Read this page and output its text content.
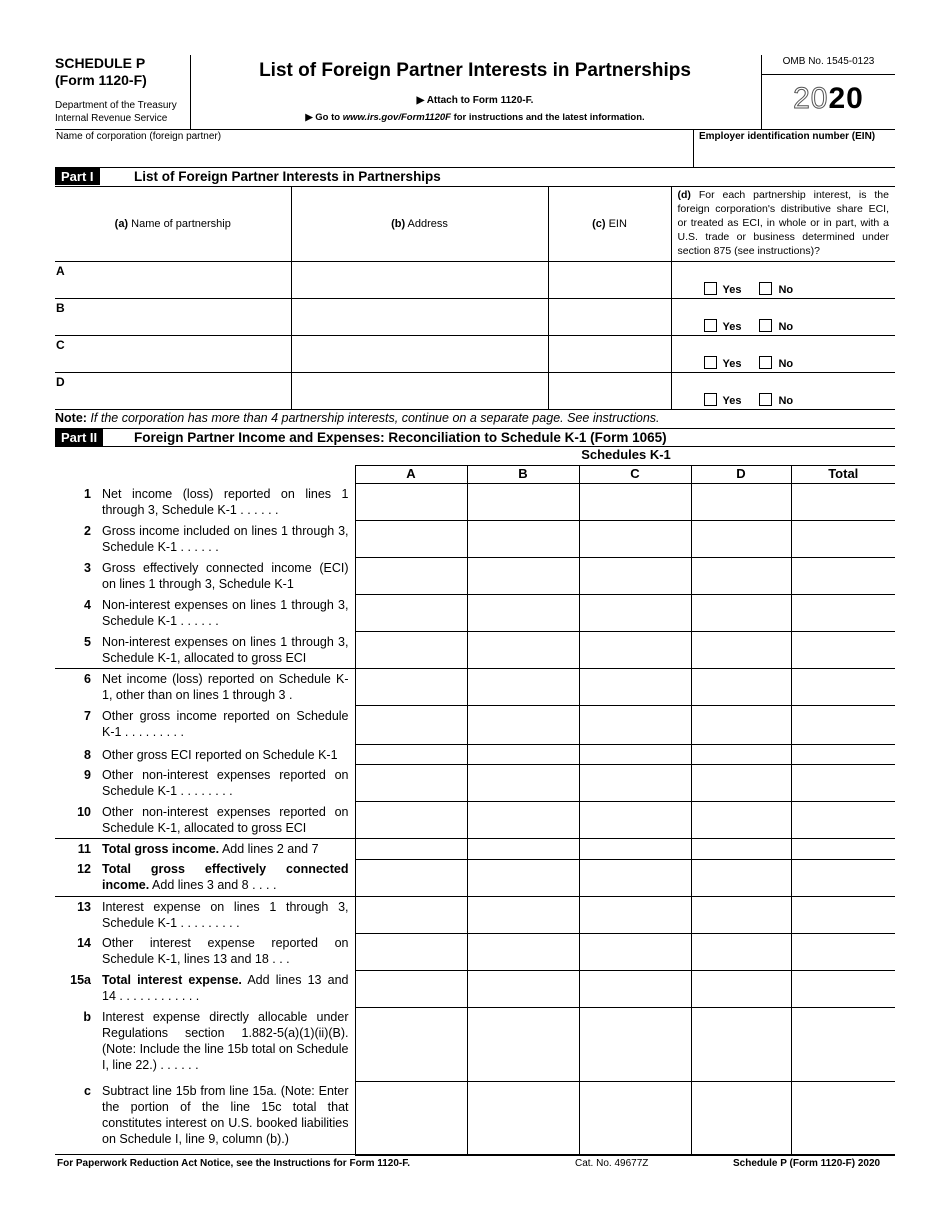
SCHEDULE P
(Form 1120-F)
Department of the Treasury
Internal Revenue Service
List of Foreign Partner Interests in Partnerships
▶ Attach to Form 1120-F.
▶ Go to www.irs.gov/Form1120F for instructions and the latest information.
OMB No. 1545-0123
2020
Name of corporation (foreign partner)	Employer identification number (EIN)
Part I	List of Foreign Partner Interests in Partnerships
(a) Name of partnership	(b) Address	(c) EIN	(d) For each partnership interest, is the foreign corporation's distributive share ECI, or treated as ECI, in whole or in part, with a U.S. trade or business determined under section 875 (see instructions)?
A			Yes No
B			Yes No
C			Yes No
D			Yes No
Note: If the corporation has more than 4 partnership interests, continue on a separate page. See instructions.
Part II	Foreign Partner Income and Expenses: Reconciliation to Schedule K-1 (Form 1065)
Schedules K-1
		A	B	C	D	Total
1	Net income (loss) reported on lines 1 through 3, Schedule K-1 . . . . . .					
2	Gross income included on lines 1 through 3, Schedule K-1 . . . . . .					
3	Gross effectively connected income (ECI) on lines 1 through 3, Schedule K-1					
4	Non-interest expenses on lines 1 through 3, Schedule K-1 . . . . . .					
5	Non-interest expenses on lines 1 through 3, Schedule K-1, allocated to gross ECI					
6	Net income (loss) reported on Schedule K-1, other than on lines 1 through 3 .					
7	Other gross income reported on Schedule K-1 . . . . . . . . .					
8	Other gross ECI reported on Schedule K-1					
9	Other non-interest expenses reported on Schedule K-1 . . . . . . . .					
10	Other non-interest expenses reported on Schedule K-1, allocated to gross ECI					
11	Total gross income. Add lines 2 and 7					
12	Total gross effectively connected income. Add lines 3 and 8 . . . .					
13	Interest expense on lines 1 through 3, Schedule K-1 . . . . . . . . .					
14	Other interest expense reported on Schedule K-1, lines 13 and 18 . . .					
15a	Total interest expense. Add lines 13 and 14 . . . . . . . . . . . .					
b	Interest expense directly allocable under Regulations section 1.882-5(a)(1)(ii)(B). (Note: Include the line 15b total on Schedule I, line 22.) . . . . . .					
c	Subtract line 15b from line 15a. (Note: Enter the portion of the line 15c total that constitutes interest on U.S. booked liabilities on Schedule I, line 9, column (b).)					
For Paperwork Reduction Act Notice, see the Instructions for Form 1120-F.	Cat. No. 49677Z	Schedule P (Form 1120-F) 2020
